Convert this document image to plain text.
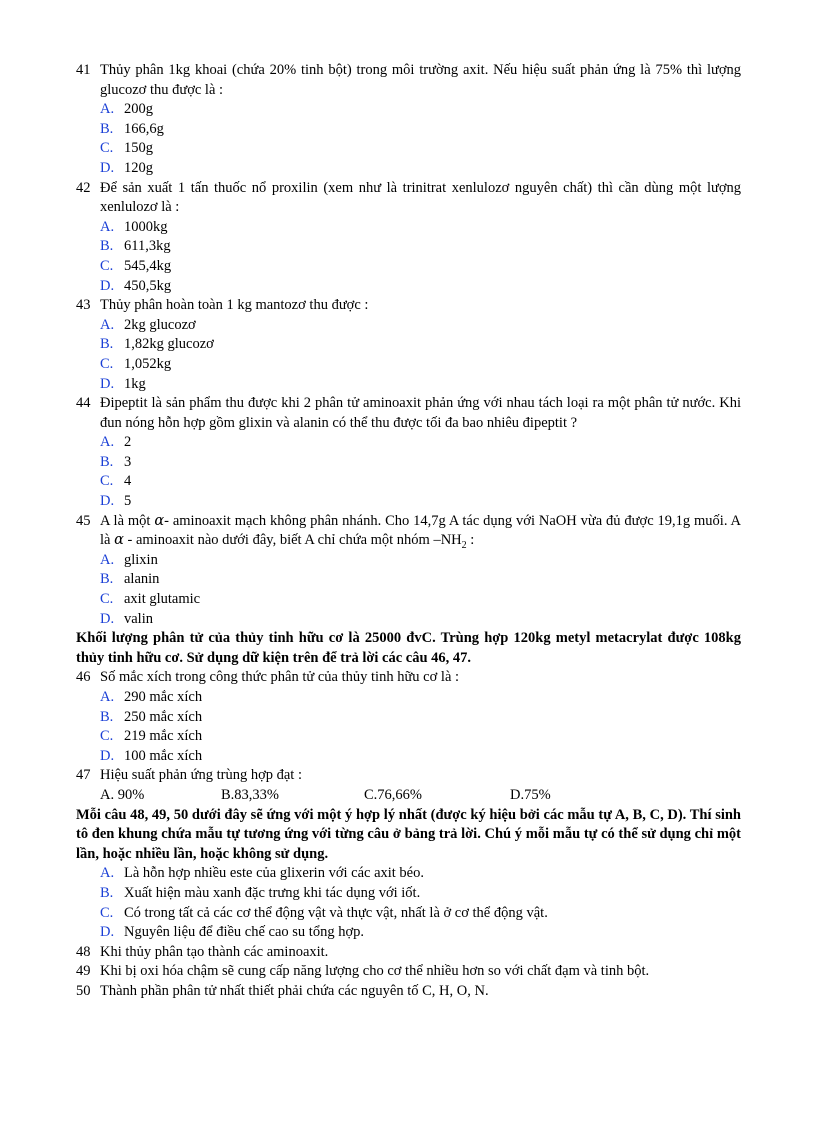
41 Thủy phân 1kg khoai (chứa 20% tinh bột) trong môi trường axit. Nếu hiệu suất phản ứng là 75% thì lượng glucozơ thu được là :
A. 200g
B. 166,6g
C. 150g
D. 120g
42 Để sản xuất 1 tấn thuốc nổ proxilin (xem như là trinitrat xenlulozơ nguyên chất) thì cần dùng một lượng xenlulozơ là :
A. 1000kg
B. 611,3kg
C. 545,4kg
D. 450,5kg
43 Thủy phân hoàn toàn 1 kg mantozơ thu được :
A. 2kg glucozơ
B. 1,82kg glucozơ
C. 1,052kg
D. 1kg
44 Đipeptit là sản phẩm thu được khi 2 phân tử aminoaxit phản ứng với nhau tách loại ra một phân tử nước. Khi đun nóng hỗn hợp gồm glixin và alanin có thể thu được tối đa bao nhiêu đipeptit ?
A. 2
B. 3
C. 4
D. 5
45 A là một α- aminoaxit mạch không phân nhánh. Cho 14,7g A tác dụng với NaOH vừa đủ được 19,1g muối. A là α - aminoaxit nào dưới đây, biết A chỉ chứa một nhóm $-NH_2$ :
A. glixin
B. alanin
C. axit glutamic
D. valin
Khối lượng phân tử của thủy tinh hữu cơ là 25000 đvC. Trùng hợp 120kg metyl metacrylat được 108kg thủy tinh hữu cơ. Sử dụng dữ kiện trên để trả lời các câu 46, 47.
46 Số mắc xích trong công thức phân tử của thủy tinh hữu cơ là :
A. 290 mắc xích
B. 250 mắc xích
C. 219 mắc xích
D. 100 mắc xích
47 Hiệu suất phản ứng trùng hợp đạt :
A. 90%	B.83,33%	C.76,66%	D.75%
Mỗi câu 48, 49, 50 dưới đây sẽ ứng với một ý hợp lý nhất (được ký hiệu bởi các mẫu tự A, B, C, D). Thí sinh tô đen khung chứa mẫu tự tương ứng với từng câu ở bảng trả lời. Chú ý mỗi mẫu tự có thể sử dụng chỉ một lần, hoặc nhiều lần, hoặc không sử dụng.
A. Là hỗn hợp nhiều este của glixerin với các axit béo.
B. Xuất hiện màu xanh đặc trưng khi tác dụng với iốt.
C. Có trong tất cả các cơ thể động vật và thực vật, nhất là ở cơ thể động vật.
D. Nguyên liệu để điều chế cao su tổng hợp.
48 Khi thủy phân tạo thành các aminoaxit.
49 Khi bị oxi hóa chậm sẽ cung cấp năng lượng cho cơ thể nhiều hơn so với chất đạm và tinh bột.
50 Thành phần phân tử nhất thiết phải chứa các nguyên tố C, H, O, N.
